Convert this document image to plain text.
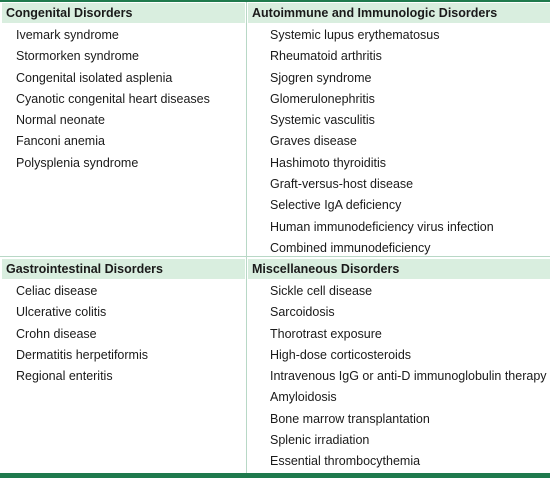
Congenital Disorders
Ivemark syndrome
Stormorken syndrome
Congenital isolated asplenia
Cyanotic congenital heart diseases
Normal neonate
Fanconi anemia
Polysplenia syndrome
Autoimmune and Immunologic Disorders
Systemic lupus erythematosus
Rheumatoid arthritis
Sjogren syndrome
Glomerulonephritis
Systemic vasculitis
Graves disease
Hashimoto thyroiditis
Graft-versus-host disease
Selective IgA deficiency
Human immunodeficiency virus infection
Combined immunodeficiency
Gastrointestinal Disorders
Celiac disease
Ulcerative colitis
Crohn disease
Dermatitis herpetiformis
Regional enteritis
Miscellaneous Disorders
Sickle cell disease
Sarcoidosis
Thorotrast exposure
High-dose corticosteroids
Intravenous IgG or anti-D immunoglobulin therapy
Amyloidosis
Bone marrow transplantation
Splenic irradiation
Essential thrombocythemia
